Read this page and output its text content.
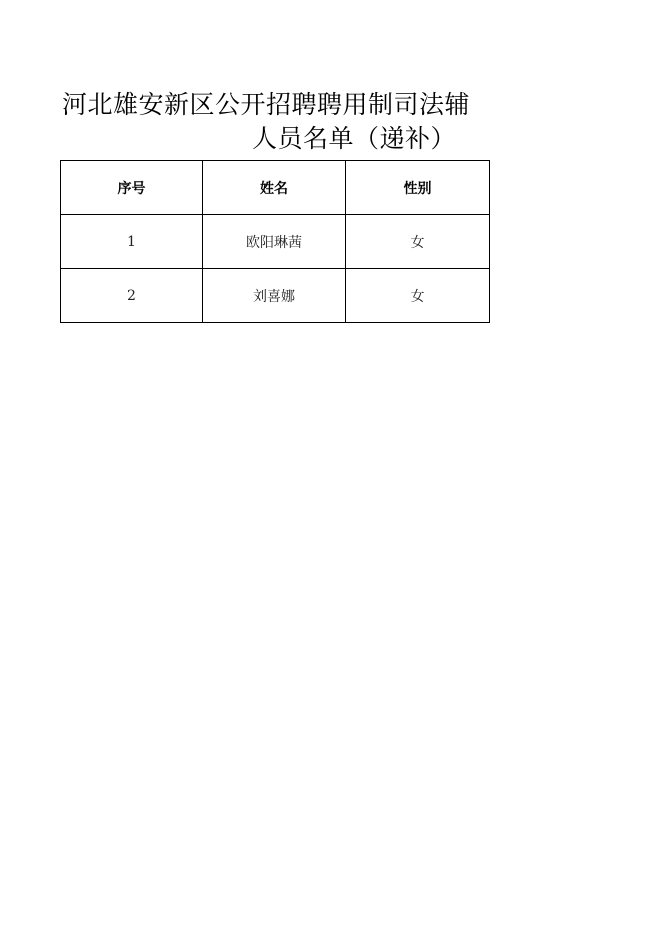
河北雄安新区公开招聘聘用制司法辅
人员名单（递补）
序号	姓名	性别
1	欧阳琳茜	女
2	刘喜娜	女
